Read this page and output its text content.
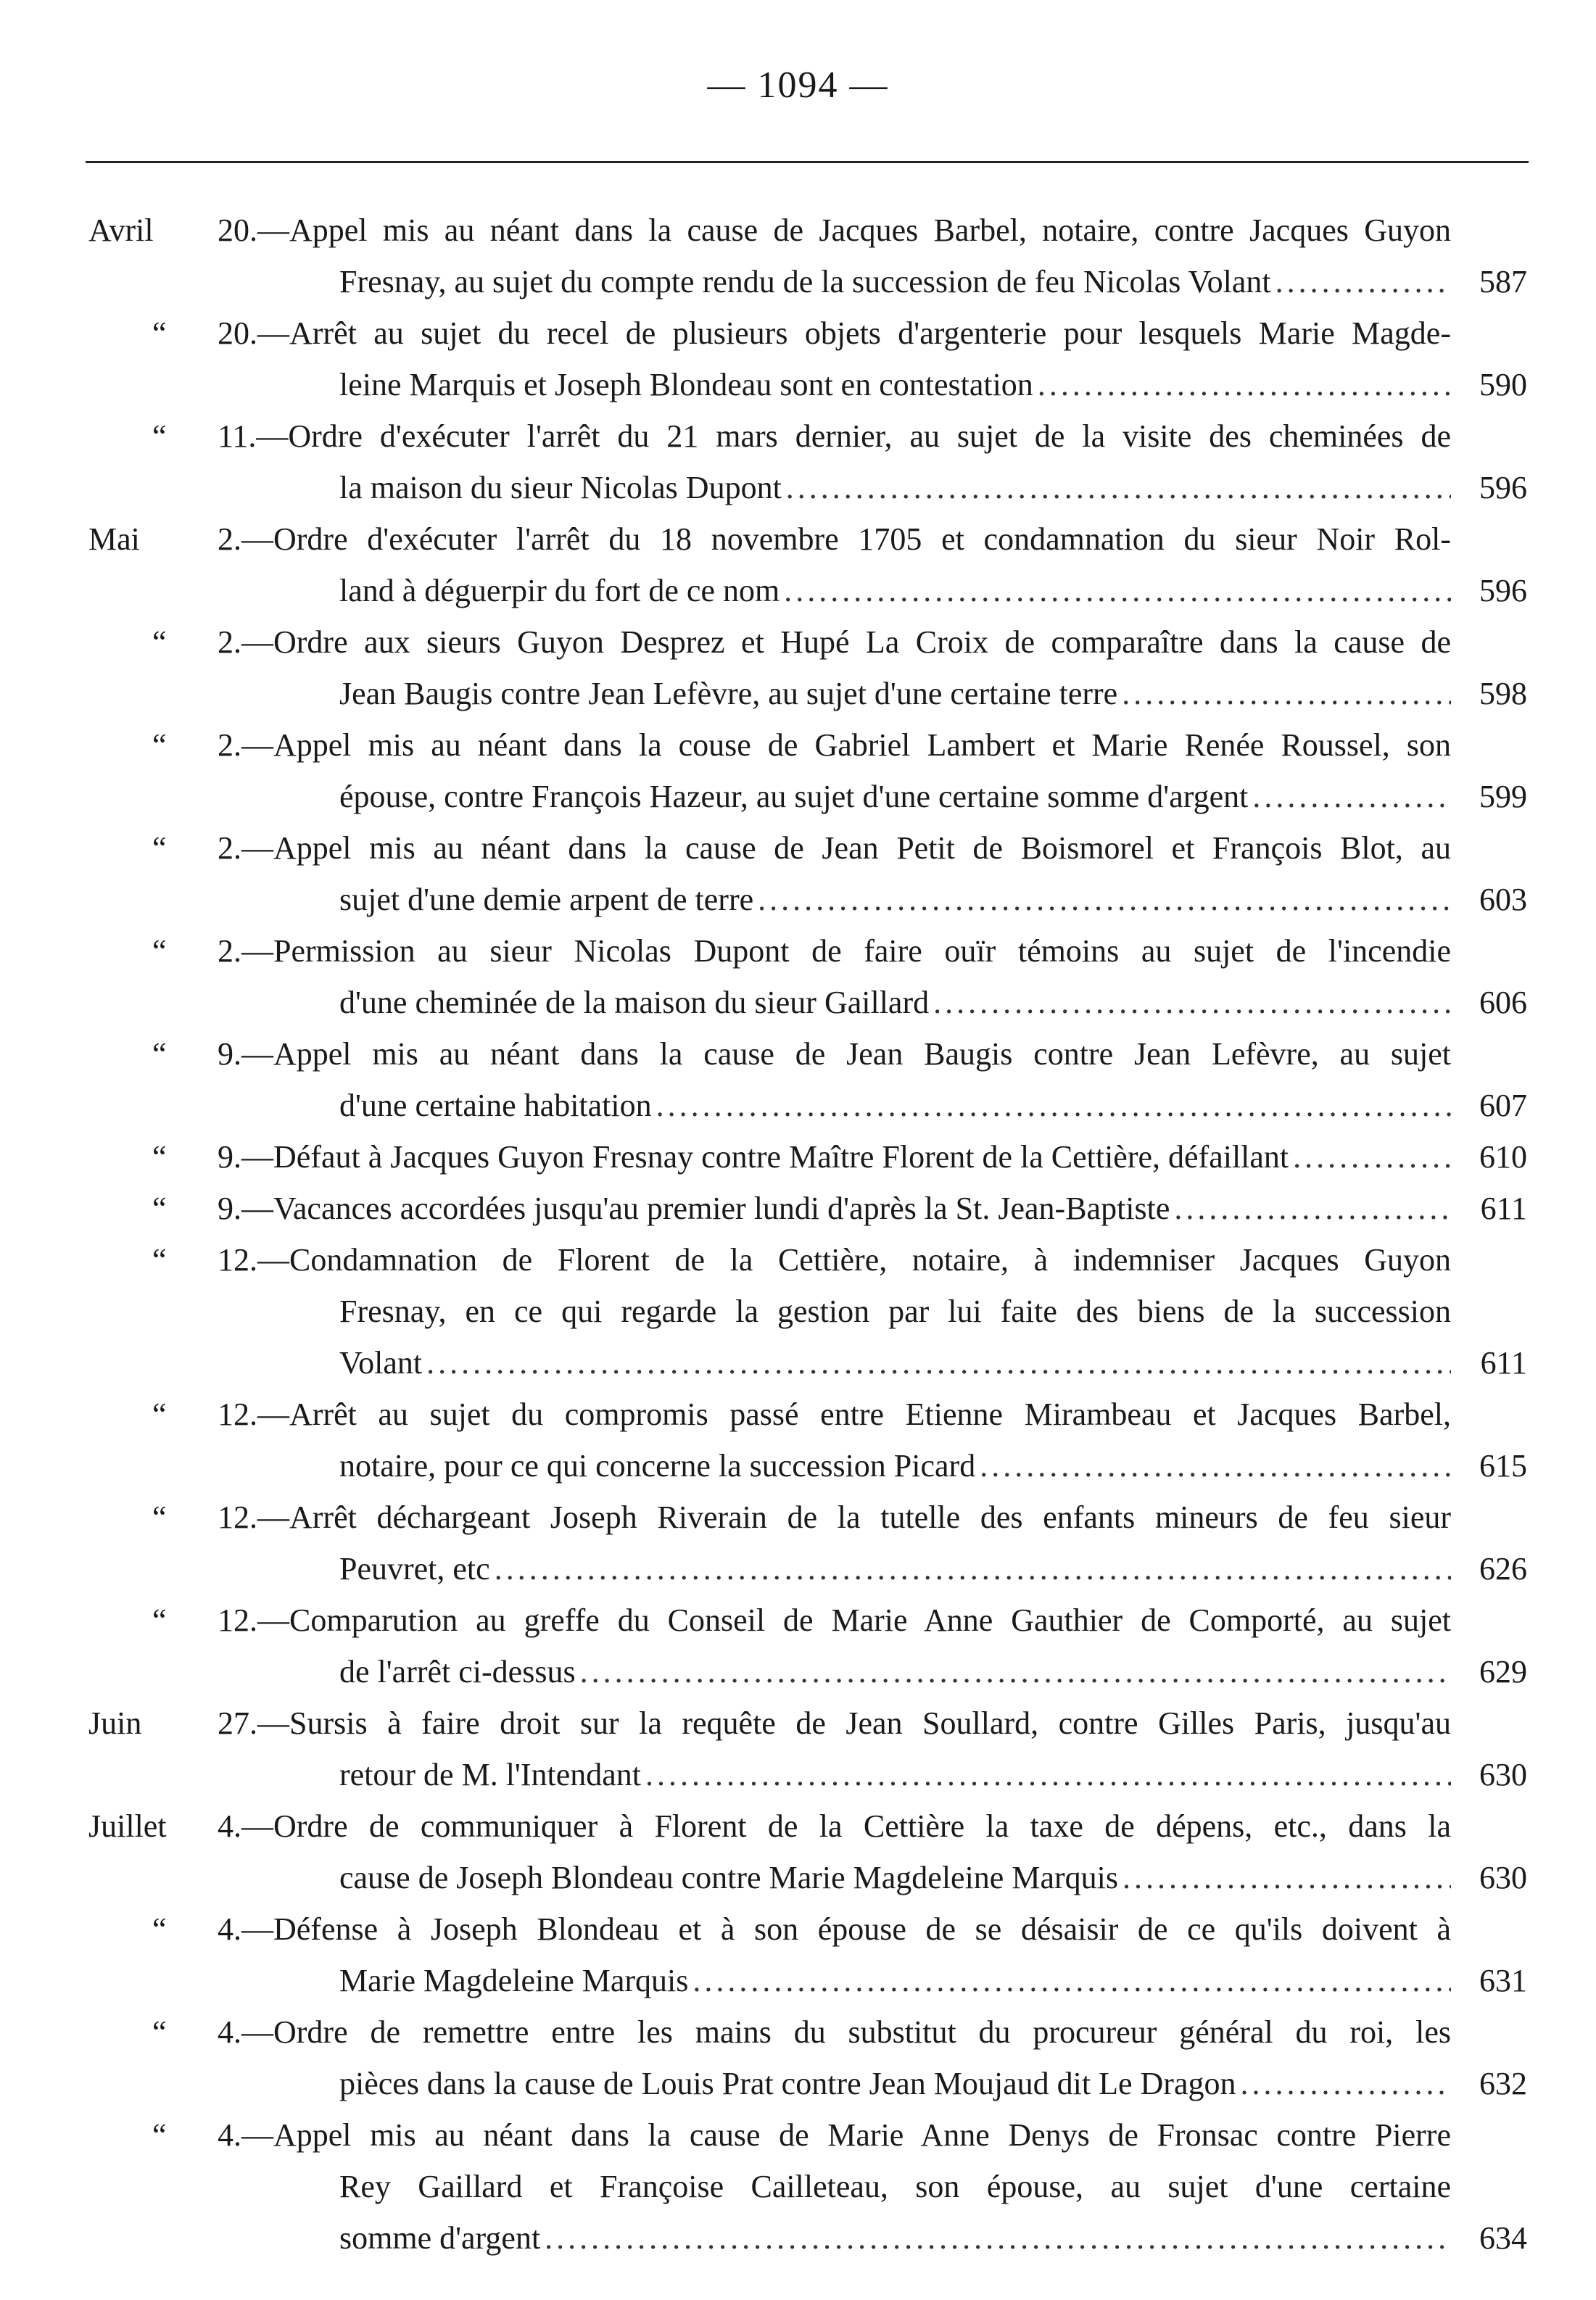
— 1094 —
Avril	20.—Appel mis au néant dans la cause de Jacques Barbel, notaire, contre Jacques Guyon
Fresnay, au sujet du compte rendu de la succession de feu Nicolas Volant .....	587
“	20.—Arrêt au sujet du recel de plusieurs objets d'argenterie pour lesquels Marie Magde-
leine Marquis et Joseph Blondeau sont en contestation .....	590
“	11.—Ordre d'exécuter l'arrêt du 21 mars dernier, au sujet de la visite des cheminées de
la maison du sieur Nicolas Dupont .....	596
Mai	2.—Ordre d'exécuter l'arrêt du 18 novembre 1705 et condamnation du sieur Noir Rol-
land à déguerpir du fort de ce nom .....	596
“	2.—Ordre aux sieurs Guyon Desprez et Hupé La Croix de comparaître dans la cause de
Jean Baugis contre Jean Lefèvre, au sujet d'une certaine terre .....	598
“	2.—Appel mis au néant dans la couse de Gabriel Lambert et Marie Renée Roussel, son
épouse, contre François Hazeur, au sujet d'une certaine somme d'argent .....	599
“	2.—Appel mis au néant dans la cause de Jean Petit de Boismorel et François Blot, au
sujet d'une demie arpent de terre .....	603
“	2.—Permission au sieur Nicolas Dupont de faire ouïr témoins au sujet de l'incendie
d'une cheminée de la maison du sieur Gaillard .....	606
“	9.—Appel mis au néant dans la cause de Jean Baugis contre Jean Lefèvre, au sujet
d'une certaine habitation .....	607
“	9.—Défaut à Jacques Guyon Fresnay contre Maître Florent de la Cettière, défaillant .....	610
“	9.—Vacances accordées jusqu'au premier lundi d'après la St. Jean-Baptiste .....	611
“	12.—Condamnation de Florent de la Cettière, notaire, à indemniser Jacques Guyon
Fresnay, en ce qui regarde la gestion par lui faite des biens de la succession
Volant .....	611
“	12.—Arrêt au sujet du compromis passé entre Etienne Mirambeau et Jacques Barbel,
notaire, pour ce qui concerne la succession Picard .....	615
“	12.—Arrêt déchargeant Joseph Riverain de la tutelle des enfants mineurs de feu sieur
Peuvret, etc .....	626
“	12.—Comparution au greffe du Conseil de Marie Anne Gauthier de Comporté, au sujet
de l'arrêt ci-dessus .....	629
Juin	27.—Sursis à faire droit sur la requête de Jean Soullard, contre Gilles Paris, jusqu'au
retour de M. l'Intendant .....	630
Juillet	4.—Ordre de communiquer à Florent de la Cettière la taxe de dépens, etc., dans la
cause de Joseph Blondeau contre Marie Magdeleine Marquis .....	630
“	4.—Défense à Joseph Blondeau et à son épouse de se désaisir de ce qu'ils doivent à
Marie Magdeleine Marquis .....	631
“	4.—Ordre de remettre entre les mains du substitut du procureur général du roi, les
pièces dans la cause de Louis Prat contre Jean Moujaud dit Le Dragon .....	632
“	4.—Appel mis au néant dans la cause de Marie Anne Denys de Fronsac contre Pierre
Rey Gaillard et Françoise Cailleteau, son épouse, au sujet d'une certaine
somme d'argent .....	634
